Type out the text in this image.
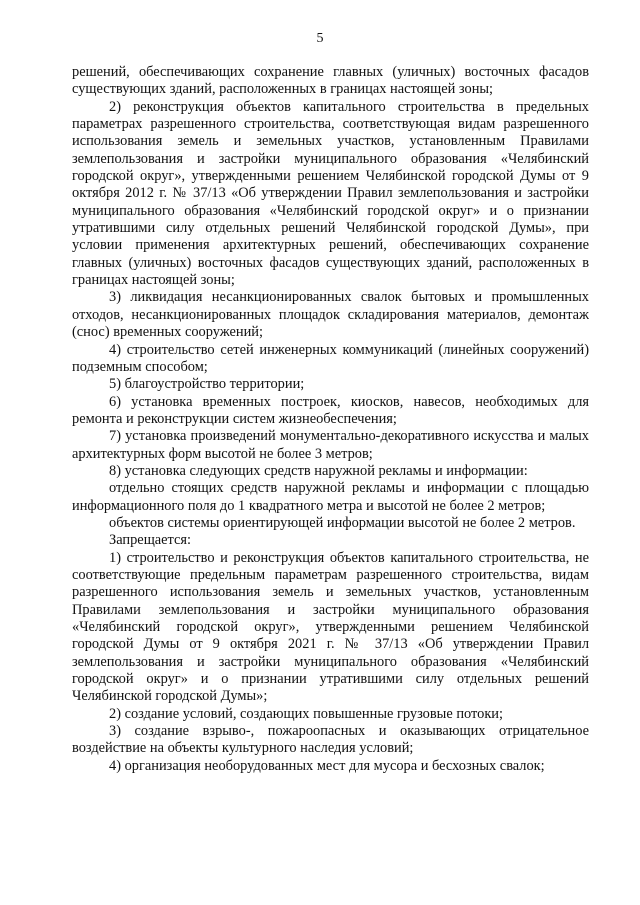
5

решений, обеспечивающих сохранение главных (уличных) восточных фасадов существующих зданий, расположенных в границах настоящей зоны;

2) реконструкция объектов капитального строительства в предельных параметрах разрешенного строительства, соответствующая видам разрешенного использования земель и земельных участков, установленным Правилами землепользования и застройки муниципального образования «Челябинский городской округ», утвержденными решением Челябинской городской Думы от 9 октября 2012 г. № 37/13 «Об утверждении Правил землепользования и застройки муниципального образования «Челябинский городской округ» и о признании утратившими силу отдельных решений Челябинской городской Думы», при условии применения архитектурных решений, обеспечивающих сохранение главных (уличных) восточных фасадов существующих зданий, расположенных в границах настоящей зоны;

3) ликвидация несанкционированных свалок бытовых и промышленных отходов, несанкционированных площадок складирования материалов, демонтаж (снос) временных сооружений;

4) строительство сетей инженерных коммуникаций (линейных сооружений) подземным способом;

5) благоустройство территории;

6) установка временных построек, киосков, навесов, необходимых для ремонта и реконструкции систем жизнеобеспечения;

7) установка произведений монументально-декоративного искусства и малых архитектурных форм высотой не более 3 метров;

8) установка следующих средств наружной рекламы и информации:

отдельно стоящих средств наружной рекламы и информации с площадью информационного поля до 1 квадратного метра и высотой не более 2 метров;

объектов системы ориентирующей информации высотой не более 2 метров.

Запрещается:

1) строительство и реконструкция объектов капитального строительства, не соответствующие предельным параметрам разрешенного строительства, видам разрешенного использования земель и земельных участков, установленным Правилами землепользования и застройки муниципального образования «Челябинский городской округ», утвержденными решением Челябинской городской Думы от 9 октября 2021 г. № 37/13 «Об утверждении Правил землепользования и застройки муниципального образования «Челябинский городской округ» и о признании утратившими силу отдельных решений Челябинской городской Думы»;

2) создание условий, создающих повышенные грузовые потоки;

3) создание взрыво-, пожароопасных и оказывающих отрицательное воздействие на объекты культурного наследия условий;

4) организация необорудованных мест для мусора и бесхозных свалок;
